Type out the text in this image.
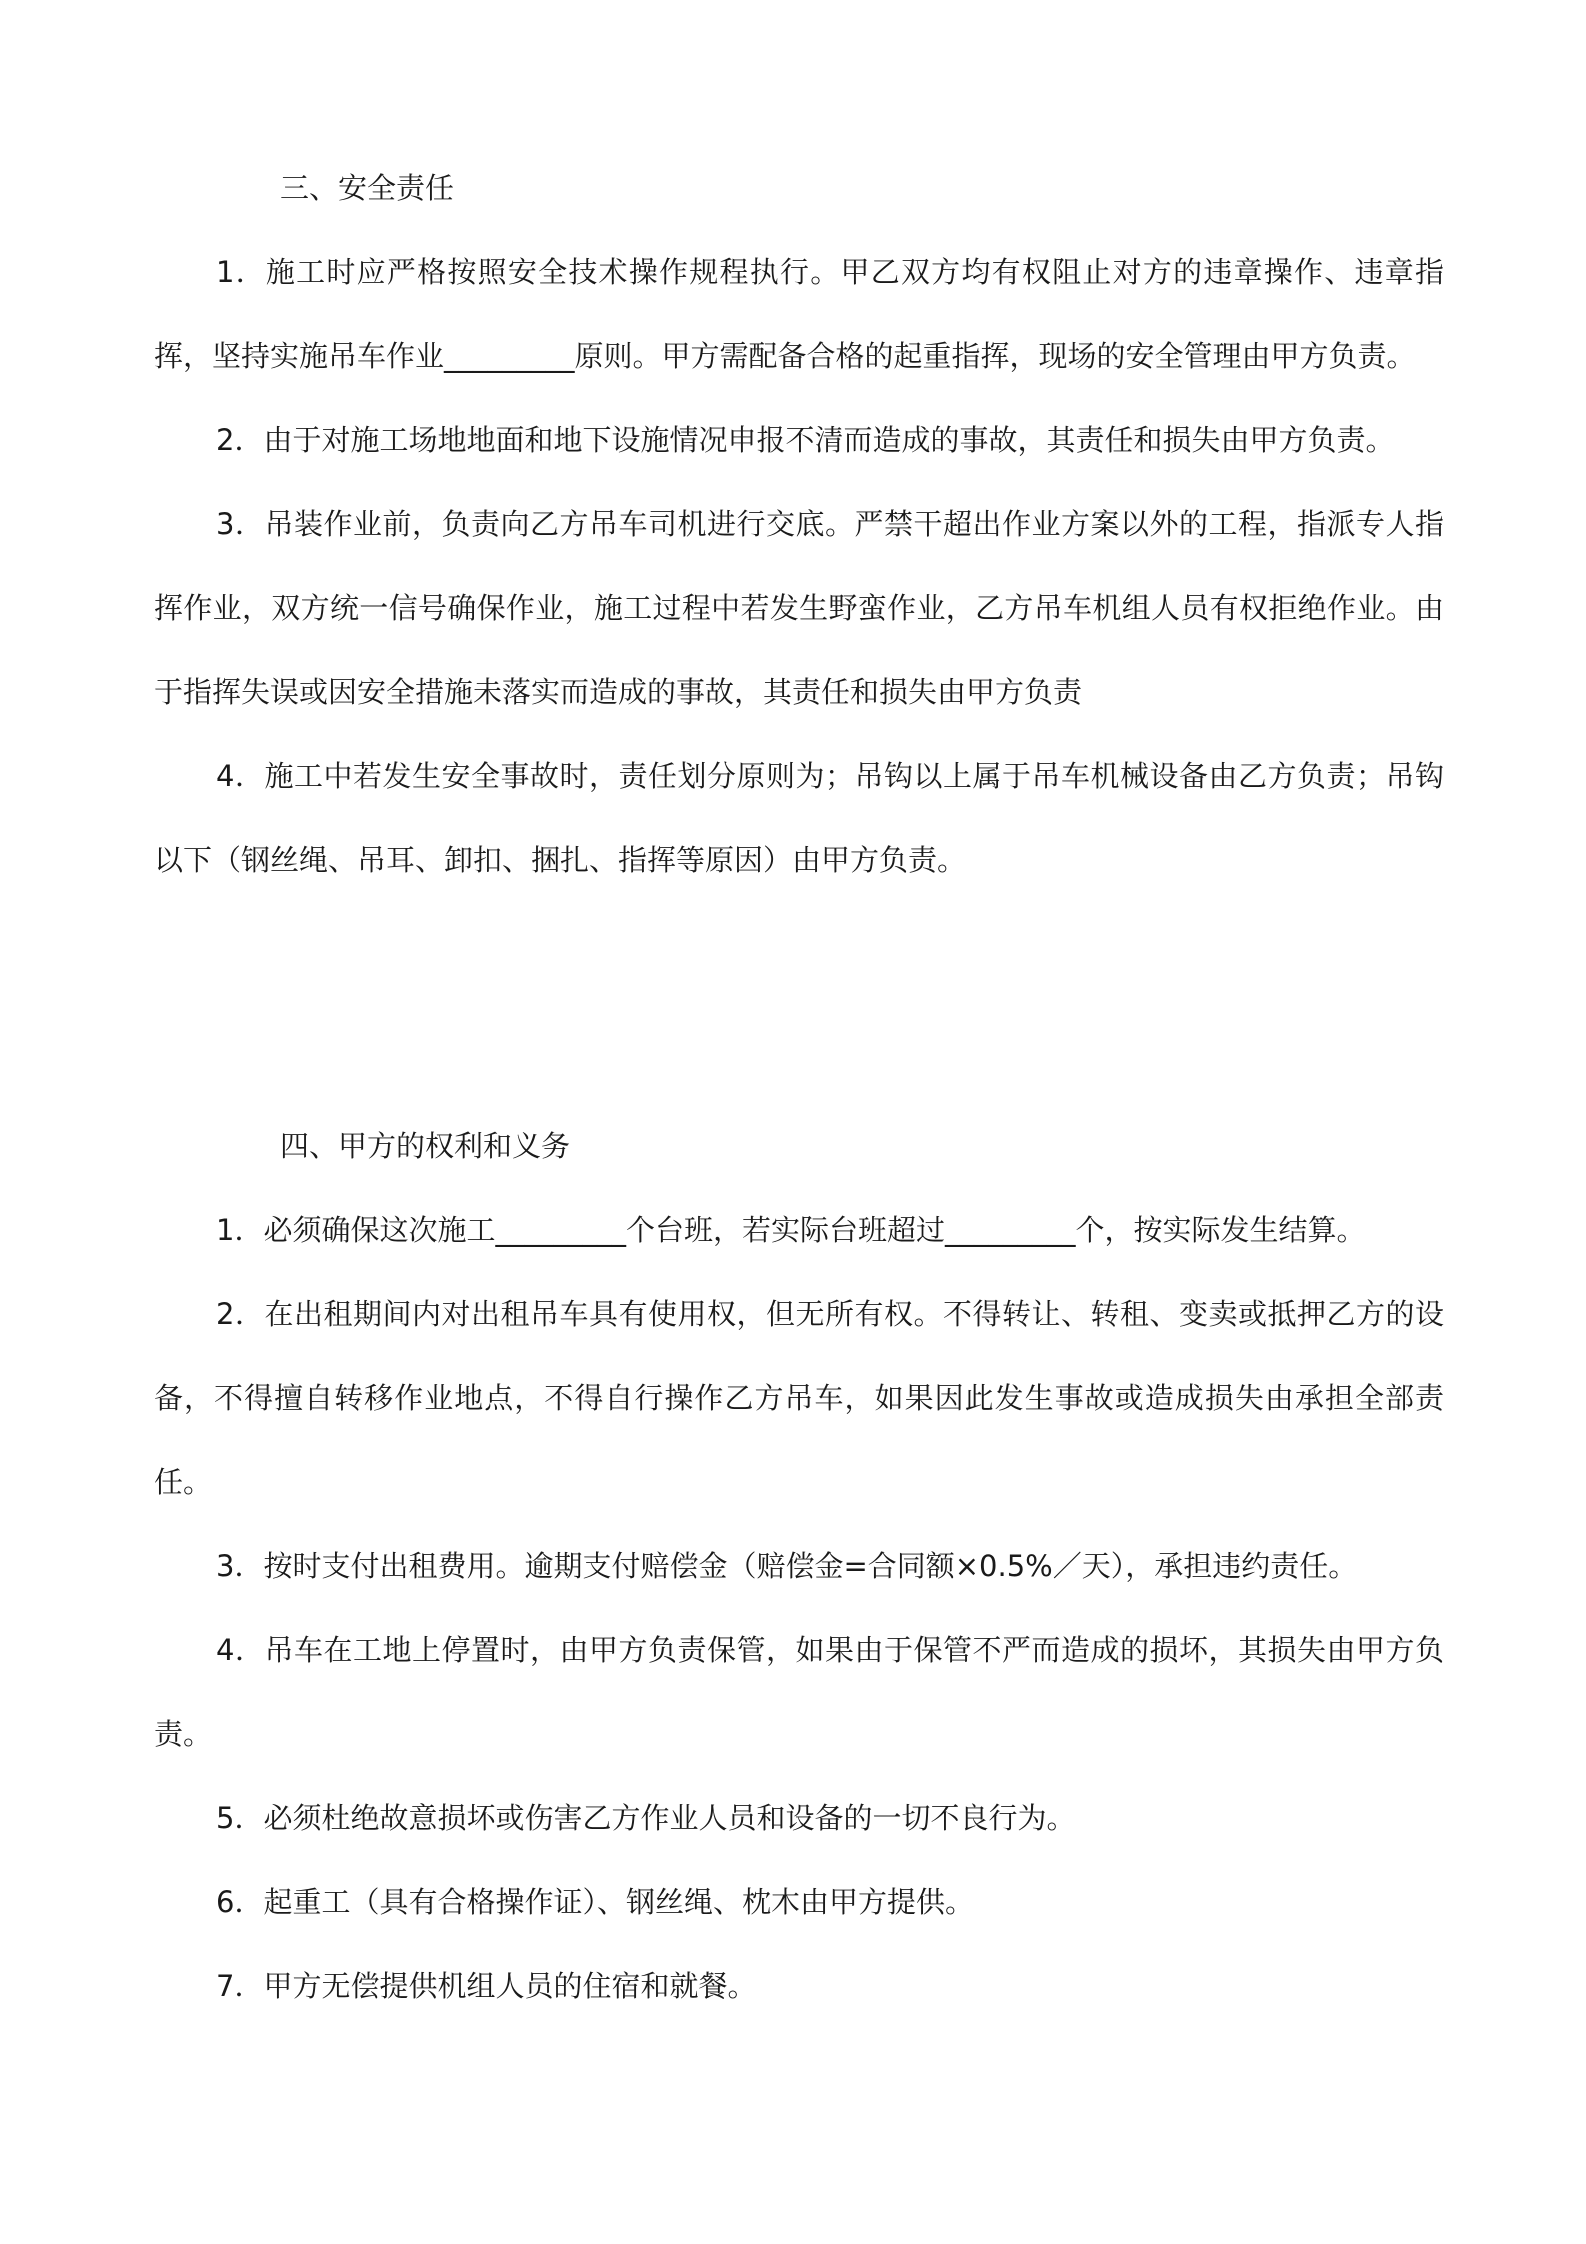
三、安全责任

1．施工时应严格按照安全技术操作规程执行。甲乙双方均有权阻止对方的违章操作、违章指挥，坚持实施吊车作业_________原则。甲方需配备合格的起重指挥，现场的安全管理由甲方负责。

2．由于对施工场地地面和地下设施情况申报不清而造成的事故，其责任和损失由甲方负责。

3．吊装作业前，负责向乙方吊车司机进行交底。严禁干超出作业方案以外的工程，指派专人指挥作业，双方统一信号确保作业，施工过程中若发生野蛮作业，乙方吊车机组人员有权拒绝作业。由于指挥失误或因安全措施未落实而造成的事故，其责任和损失由甲方负责

4．施工中若发生安全事故时，责任划分原则为；吊钩以上属于吊车机械设备由乙方负责；吊钩以下（钢丝绳、吊耳、卸扣、捆扎、指挥等原因）由甲方负责。

四、甲方的权利和义务

1．必须确保这次施工_________个台班，若实际台班超过_________个，按实际发生结算。

2．在出租期间内对出租吊车具有使用权，但无所有权。不得转让、转租、变卖或抵押乙方的设备，不得擅自转移作业地点，不得自行操作乙方吊车，如果因此发生事故或造成损失由承担全部责任。

3．按时支付出租费用。逾期支付赔偿金（赔偿金=合同额×0.5%／天），承担违约责任。

4．吊车在工地上停置时，由甲方负责保管，如果由于保管不严而造成的损坏，其损失由甲方负责。

5．必须杜绝故意损坏或伤害乙方作业人员和设备的一切不良行为。

6．起重工（具有合格操作证）、钢丝绳、枕木由甲方提供。

7．甲方无偿提供机组人员的住宿和就餐。
